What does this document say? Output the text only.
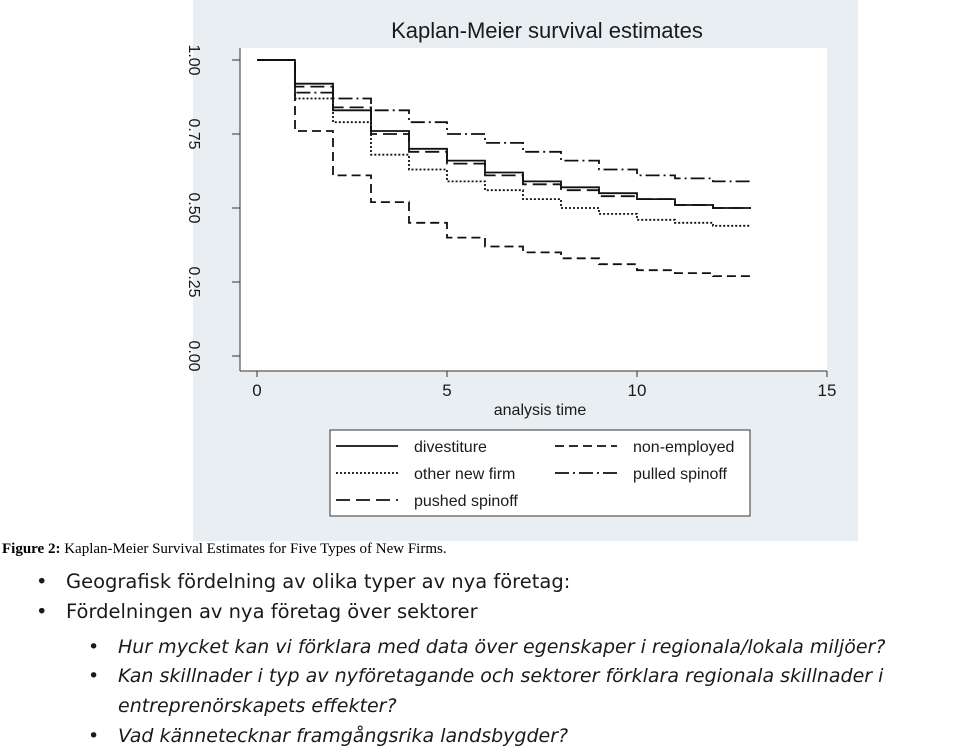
Kaplan-Meier survival estimates
0.00
0.25
0.50
0.75
1.00
0	5	10	15
analysis time
divestiture
other new firm
pushed spinoff
non-employed
pulled spinoff
Figure 2: Kaplan-Meier Survival Estimates for Five Types of New Firms.
• Geografisk fördelning av olika typer av nya företag:
• Fördelningen av nya företag över sektorer
• Hur mycket kan vi förklara med data över egenskaper i regionala/lokala miljöer?
• Kan skillnader i typ av nyföretagande och sektorer förklara regionala skillnader i
entreprenörskapets effekter?
• Vad kännetecknar framgångsrika landsbygder?
